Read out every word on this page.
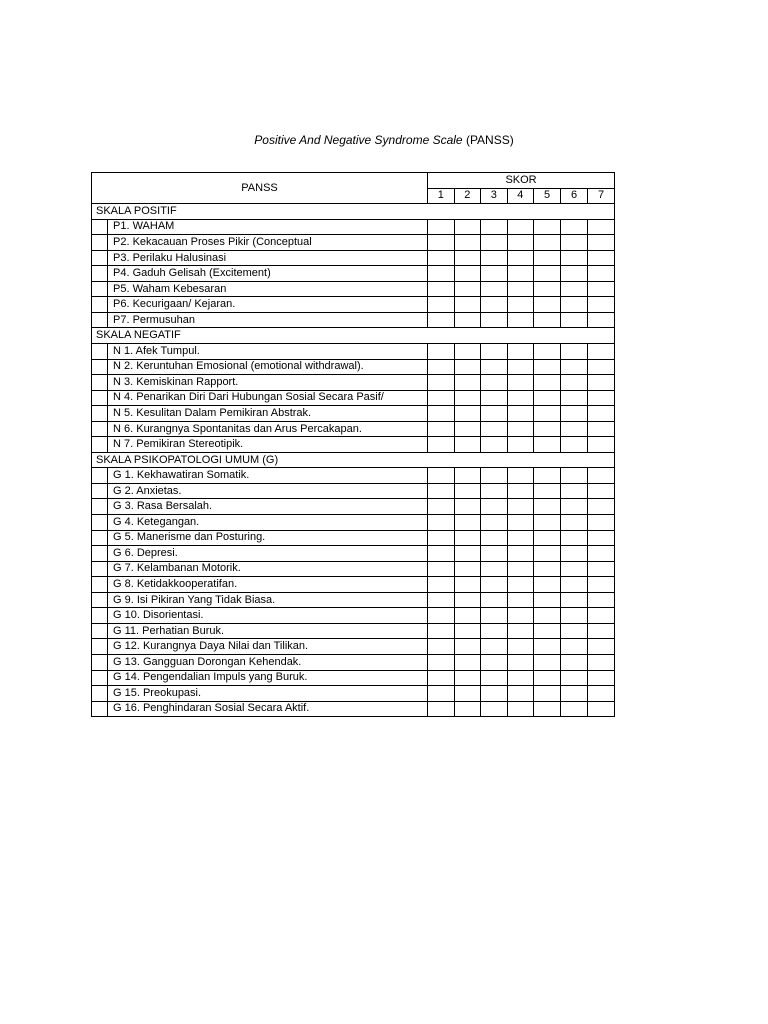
Positive And Negative Syndrome Scale (PANSS)
PANSS		SKOR						
		1	2	3	4	5	6	7
SKALA POSITIF								
	P1. WAHAM							
	P2. Kekacauan Proses Pikir (Conceptual							
	P3. Perilaku Halusinasi							
	P4. Gaduh Gelisah (Excitement)							
	P5. Waham Kebesaran							
	P6. Kecurigaan/ Kejaran.							
	P7. Permusuhan							
SKALA NEGATIF								
	N 1. Afek Tumpul.							
	N 2. Keruntuhan Emosional (emotional withdrawal).							
	N 3. Kemiskinan Rapport.							
	N 4. Penarikan Diri Dari Hubungan Sosial Secara Pasif/							
	N 5. Kesulitan Dalam Pemikiran Abstrak.							
	N 6. Kurangnya Spontanitas dan Arus Percakapan.							
	N 7. Pemikiran Stereotipik.							
SKALA PSIKOPATOLOGI UMUM (G)								
	G 1. Kekhawatiran Somatik.							
	G 2. Anxietas.							
	G 3. Rasa Bersalah.							
	G 4. Ketegangan.							
	G 5. Manerisme dan Posturing.							
	G 6. Depresi.							
	G 7. Kelambanan Motorik.							
	G 8. Ketidakkooperatifan.							
	G 9. Isi Pikiran Yang Tidak Biasa.							
	G 10. Disorientasi.							
	G 11. Perhatian Buruk.							
	G 12. Kurangnya Daya Nilai dan Tilikan.							
	G 13. Gangguan Dorongan Kehendak.							
	G 14. Pengendalian Impuls yang Buruk.							
	G 15. Preokupasi.							
	G 16. Penghindaran Sosial Secara Aktif.							
